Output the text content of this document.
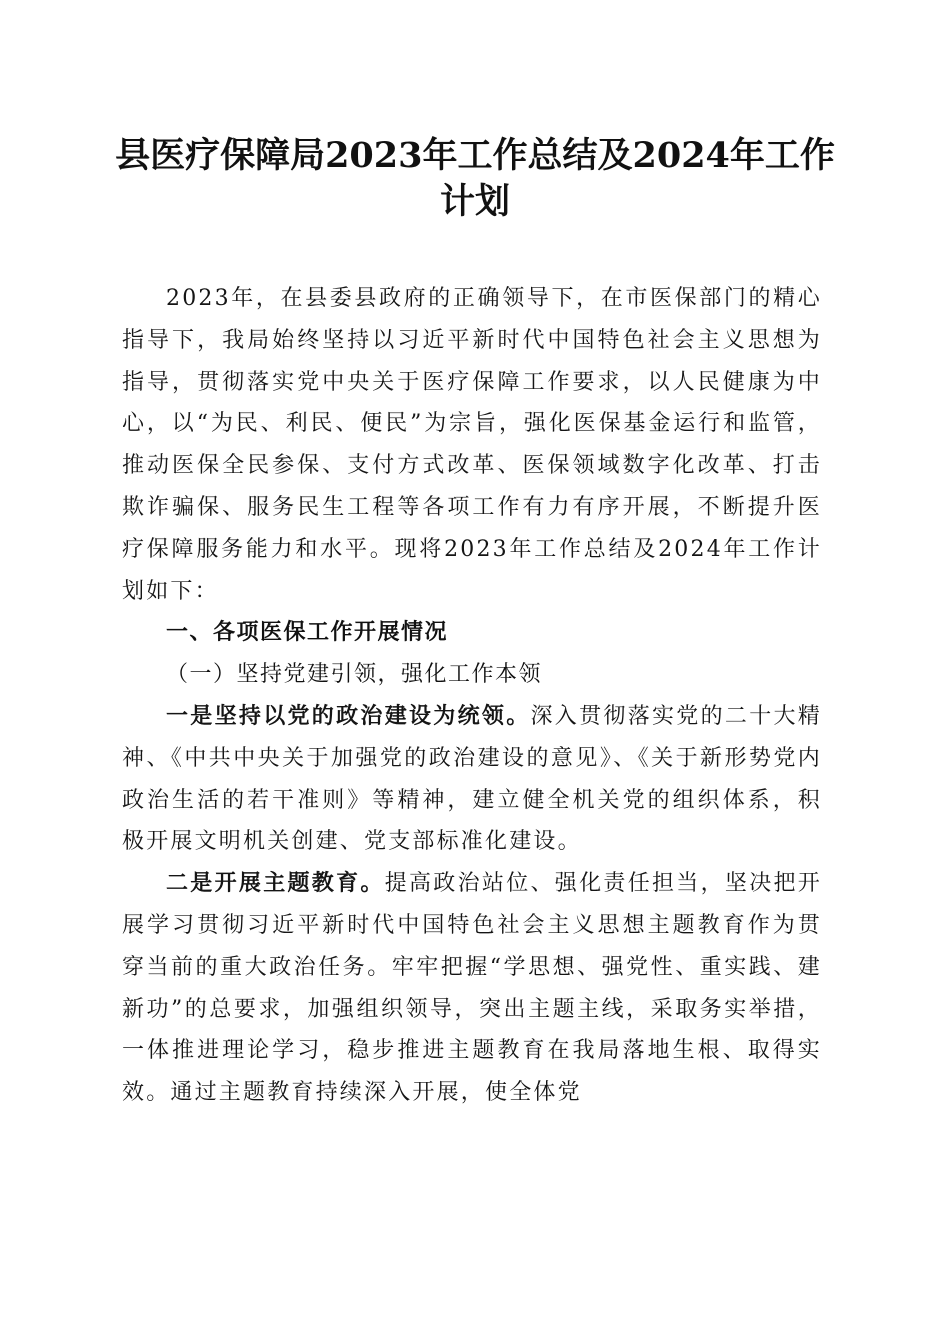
县医疗保障局2023年工作总结及2024年工作
计划

2023年，在县委县政府的正确领导下，在市医保部门的精心指导下，我局始终坚持以习近平新时代中国特色社会主义思想为指导，贯彻落实党中央关于医疗保障工作要求，以人民健康为中心，以“为民、利民、便民”为宗旨，强化医保基金运行和监管，推动医保全民参保、支付方式改革、医保领域数字化改革、打击欺诈骗保、服务民生工程等各项工作有力有序开展，不断提升医疗保障服务能力和水平。现将2023年工作总结及2024年工作计划如下：

一、各项医保工作开展情况

（一）坚持党建引领，强化工作本领

一是坚持以党的政治建设为统领。深入贯彻落实党的二十大精神、《中共中央关于加强党的政治建设的意见》、《关于新形势党内政治生活的若干准则》等精神，建立健全机关党的组织体系，积极开展文明机关创建、党支部标准化建设。

二是开展主题教育。提高政治站位、强化责任担当，坚决把开展学习贯彻习近平新时代中国特色社会主义思想主题教育作为贯穿当前的重大政治任务。牢牢把握“学思想、强党性、重实践、建新功”的总要求，加强组织领导，突出主题主线，采取务实举措，一体推进理论学习，稳步推进主题教育在我局落地生根、取得实效。通过主题教育持续深入开展，使全体党
